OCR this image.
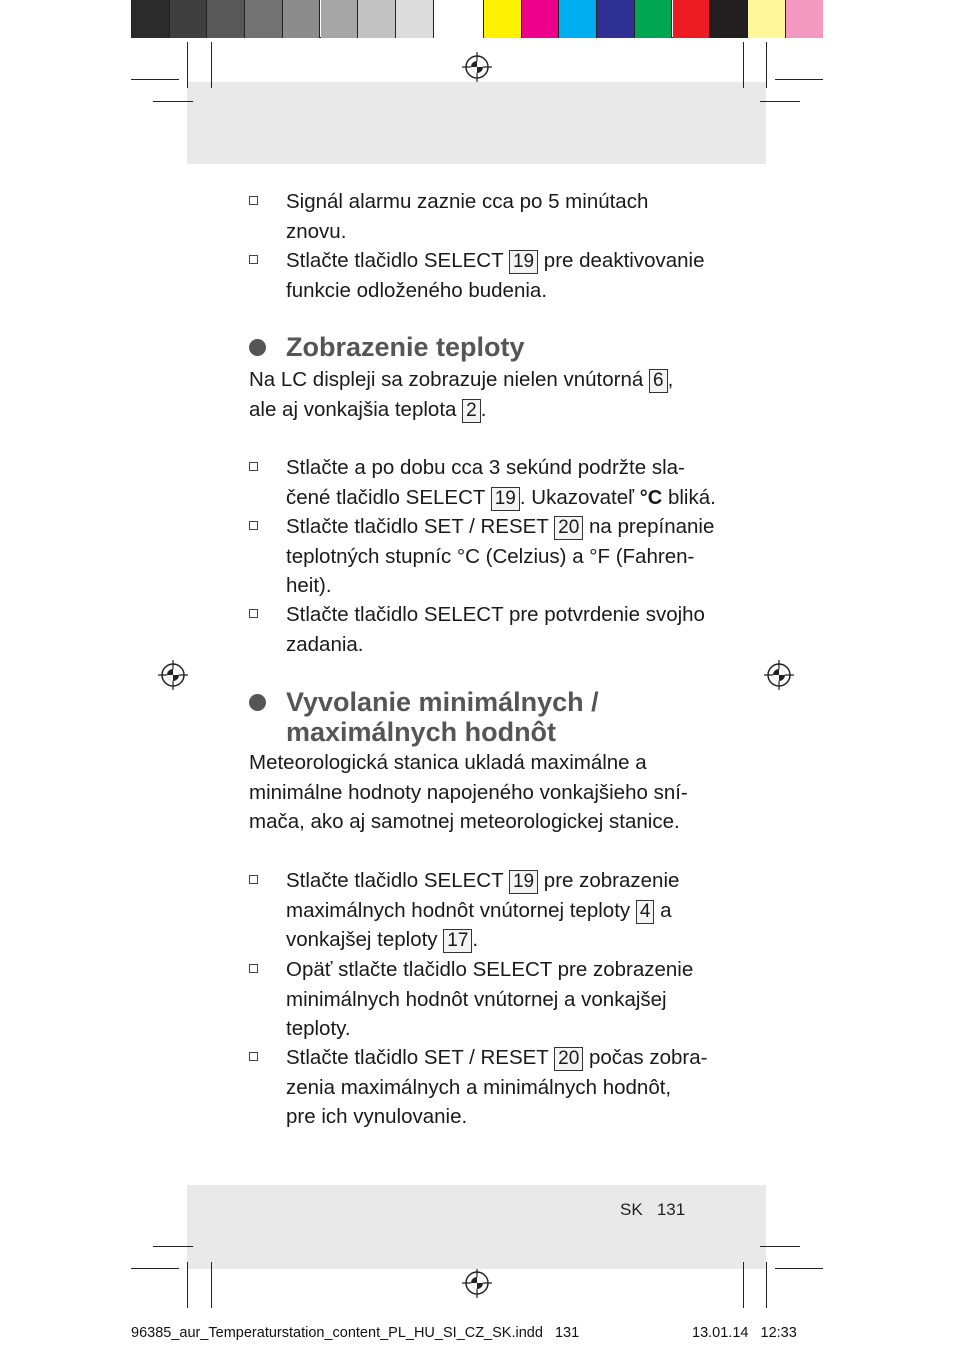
Signál alarmu zaznie cca po 5 minútach
znovu.
Stlačte tlačidlo SELECT 19 pre deaktivovanie
funkcie odloženého budenia.
Zobrazenie teploty
Na LC displeji sa zobrazuje nielen vnútorná 6 ,
ale aj vonkajšia teplota 2 .
Stlačte a po dobu cca 3 sekúnd podržte sla-
čené tlačidlo SELECT 19 . Ukazovateľ °C bliká.
Stlačte tlačidlo SET / RESET 20 na prepínanie
teplotných stupníc °C (Celzius) a °F (Fahren-
heit).
Stlačte tlačidlo SELECT pre potvrdenie svojho
zadania.
Vyvolanie minimálnych /
maximálnych hodnôt
Meteorologická stanica ukladá maximálne a
minimálne hodnoty napojeného vonkajšieho sní-
mača, ako aj samotnej meteorologickej stanice.
Stlačte tlačidlo SELECT 19 pre zobrazenie
maximálnych hodnôt vnútornej teploty 4 a
vonkajšej teploty 17 .
Opäť stlačte tlačidlo SELECT pre zobrazenie
minimálnych hodnôt vnútornej a vonkajšej
teploty.
Stlačte tlačidlo SET / RESET 20 počas zobra-
zenia maximálnych a minimálnych hodnôt,
pre ich vynulovanie.
SK   131
96385_aur_Temperaturstation_content_PL_HU_SI_CZ_SK.indd   131	13.01.14   12:33
